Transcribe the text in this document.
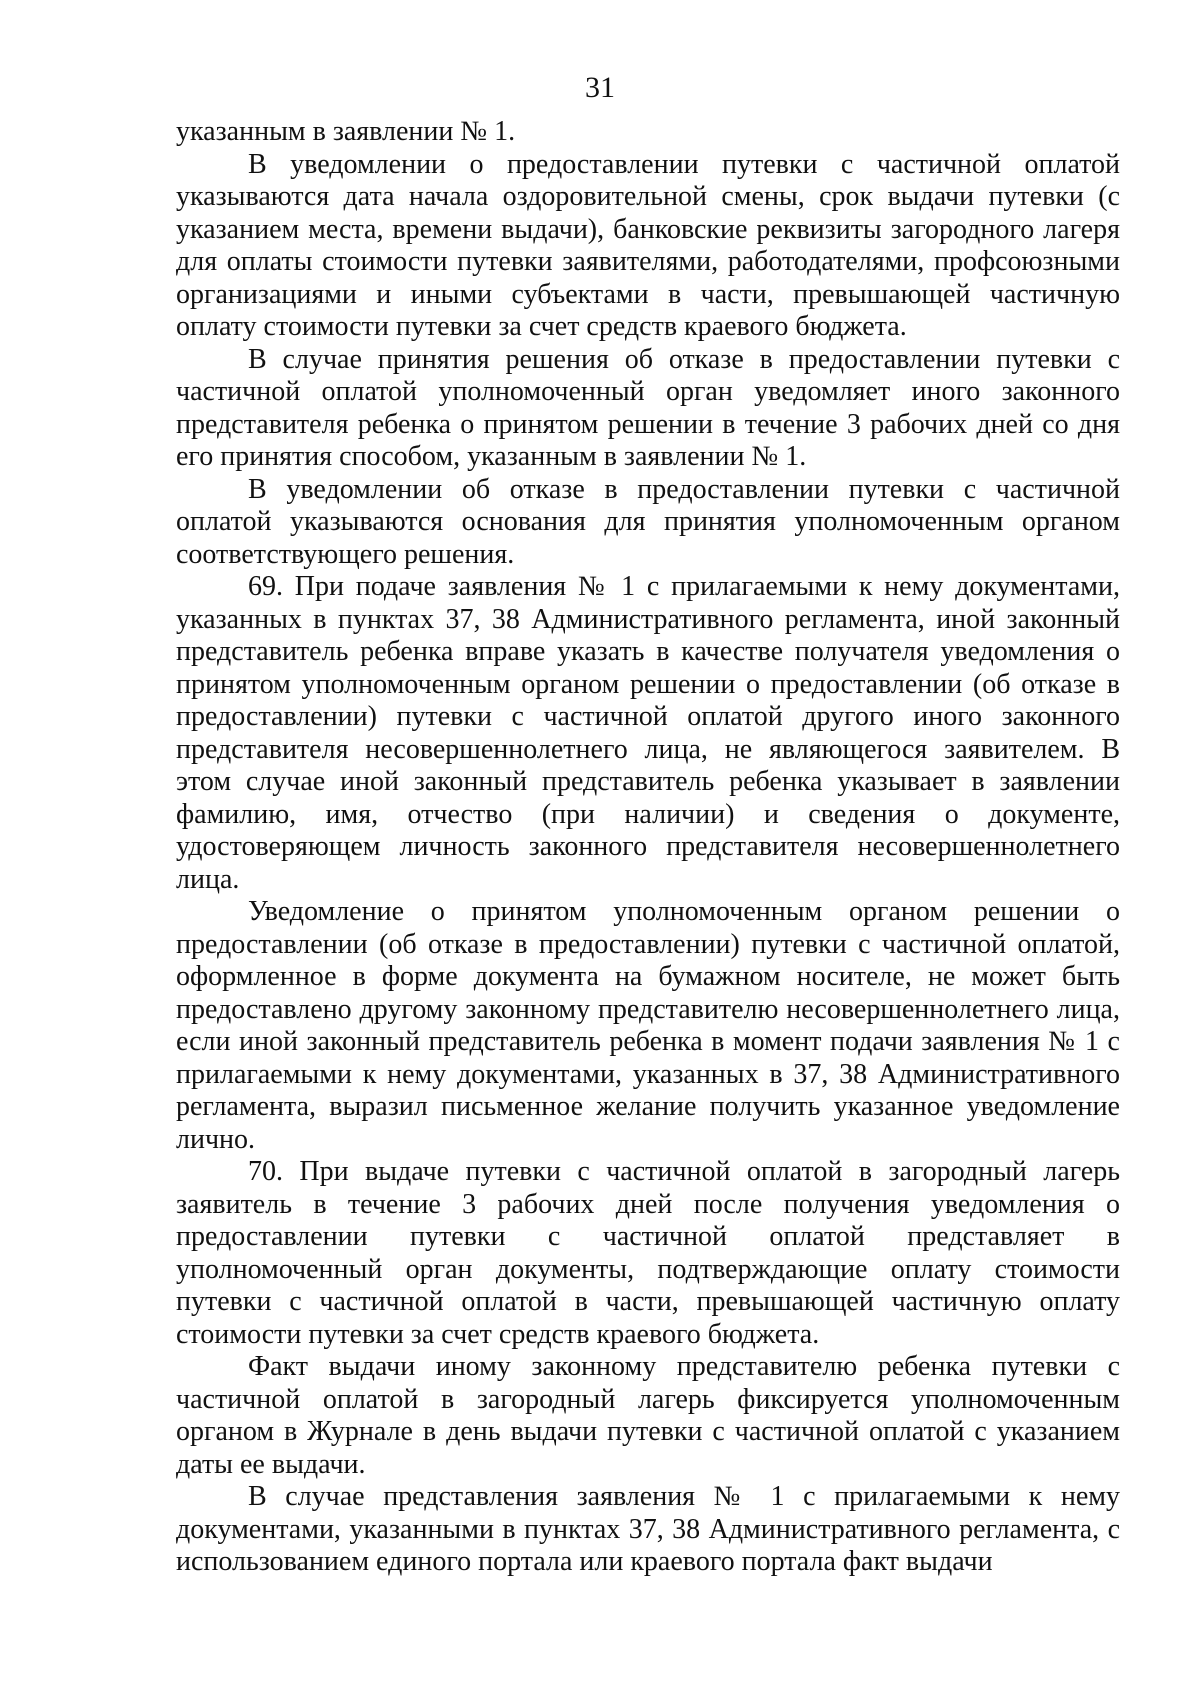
31

указанным в заявлении № 1.

В уведомлении о предоставлении путевки с частичной оплатой указываются дата начала оздоровительной смены, срок выдачи путевки (с указанием места, времени выдачи), банковские реквизиты загородного лагеря для оплаты стоимости путевки заявителями, работодателями, профсоюзными организациями и иными субъектами в части, превышающей частичную оплату стоимости путевки за счет средств краевого бюджета.

В случае принятия решения об отказе в предоставлении путевки с частичной оплатой уполномоченный орган уведомляет иного законного представителя ребенка о принятом решении в течение 3 рабочих дней со дня его принятия способом, указанным в заявлении № 1.

В уведомлении об отказе в предоставлении путевки с частичной оплатой указываются основания для принятия уполномоченным органом соответствующего решения.

69. При подаче заявления № 1 с прилагаемыми к нему документами, указанных в пунктах 37, 38 Административного регламента, иной законный представитель ребенка вправе указать в качестве получателя уведомления о принятом уполномоченным органом решении о предоставлении (об отказе в предоставлении) путевки с частичной оплатой другого иного законного представителя несовершеннолетнего лица, не являющегося заявителем. В этом случае иной законный представитель ребенка указывает в заявлении фамилию, имя, отчество (при наличии) и сведения о документе, удостоверяющем личность законного представителя несовершеннолетнего лица.

Уведомление о принятом уполномоченным органом решении о предоставлении (об отказе в предоставлении) путевки с частичной оплатой, оформленное в форме документа на бумажном носителе, не может быть предоставлено другому законному представителю несовершеннолетнего лица, если иной законный представитель ребенка в момент подачи заявления № 1 с прилагаемыми к нему документами, указанных в 37, 38 Административного регламента, выразил письменное желание получить указанное уведомление лично.

70. При выдаче путевки с частичной оплатой в загородный лагерь заявитель в течение 3 рабочих дней после получения уведомления о предоставлении путевки с частичной оплатой представляет в уполномоченный орган документы, подтверждающие оплату стоимости путевки с частичной оплатой в части, превышающей частичную оплату стоимости путевки за счет средств краевого бюджета.

Факт выдачи иному законному представителю ребенка путевки с частичной оплатой в загородный лагерь фиксируется уполномоченным органом в Журнале в день выдачи путевки с частичной оплатой с указанием даты ее выдачи.

В случае представления заявления № 1 с прилагаемыми к нему документами, указанными в пунктах 37, 38 Административного регламента, с использованием единого портала или краевого портала факт выдачи
